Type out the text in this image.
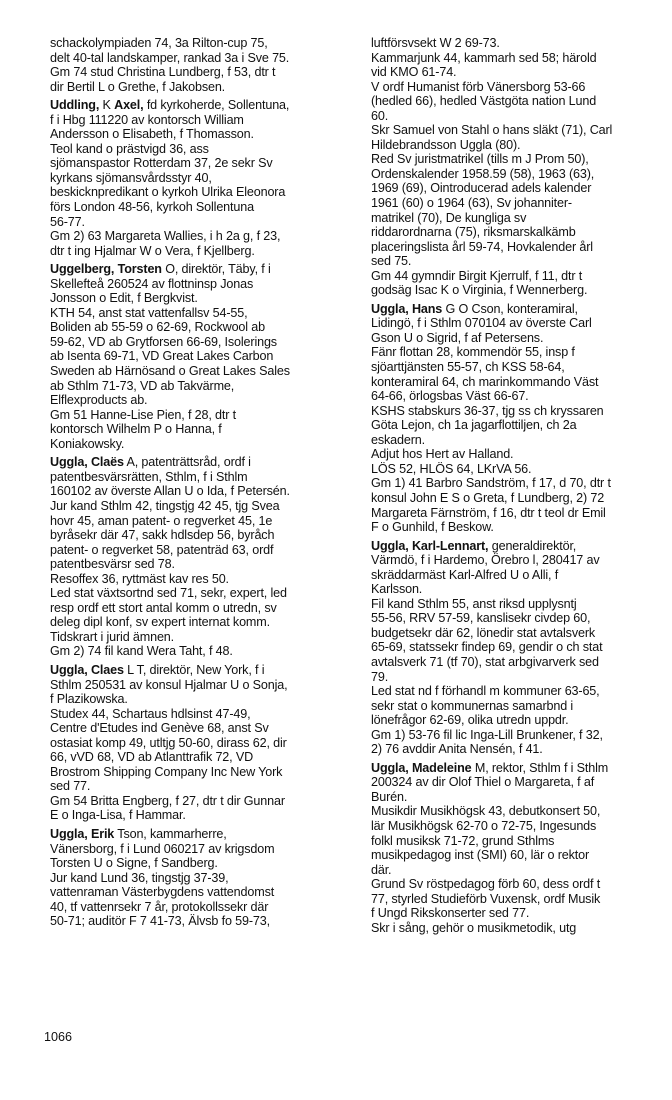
schackolympiaden 74, 3a Rilton-cup 75,
delt 40-tal landskamper, rankad 3a i Sve 75.
Gm 74 stud Christina Lundberg, f 53, dtr t
dir Bertil L o Grethe, f Jakobsen.

Uddling, K Axel, fd kyrkoherde, Sollentuna,
f i Hbg 111220 av kontorsch William
Andersson o Elisabeth, f Thomasson.

Teol kand o prästvigd 36, ass
sjömanspastor Rotterdam 37, 2e sekr Sv
kyrkans sjömansvårdsstyr 40,
beskicknpredikant o kyrkoh Ulrika Eleonora
förs London 48-56, kyrkoh Sollentuna
56-77.

Gm 2) 63 Margareta Wallies, i h 2a g, f 23,
dtr t ing Hjalmar W o Vera, f Kjellberg.

Uggelberg, Torsten O, direktör, Täby, f i
Skellefteå 260524 av flottninsp Jonas
Jonsson o Edit, f Bergkvist.

KTH 54, anst stat vattenfallsv 54-55,
Boliden ab 55-59 o 62-69, Rockwool ab
59-62, VD ab Grytforsen 66-69, Isolerings
ab Isenta 69-71, VD Great Lakes Carbon
Sweden ab Härnösand o Great Lakes Sales
ab Sthlm 71-73, VD ab Takvärme,
Elflexproducts ab.

Gm 51 Hanne-Lise Pien, f 28, dtr t
kontorsch Wilhelm P o Hanna, f
Koniakowsky.

Uggla, Claës A, patenträttsråd, ordf i
patentbesvärsrätten, Sthlm, f i Sthlm
160102 av överste Allan U o Ida, f Petersén.

Jur kand Sthlm 42, tingstjg 42 45, tjg Svea
hovr 45, aman patent- o regverket 45, 1e
byråsekr där 47, sakk hdlsdep 56, byråch
patent- o regverket 58, patenträd 63, ordf
patentbesvärsr sed 78.

Resoffex 36, ryttmäst kav res 50.

Led stat växtsortnd sed 71, sekr, expert, led
resp ordf ett stort antal komm o utredn, sv
deleg dipl konf, sv expert internat komm.

Tidskrart i jurid ämnen.

Gm 2) 74 fil kand Wera Taht, f 48.

Uggla, Claes L T, direktör, New York, f i
Sthlm 250531 av konsul Hjalmar U o Sonja,
f Plazikowska.

Studex 44, Schartaus hdlsinst 47-49,
Centre d'Etudes ind Genève 68, anst Sv
ostasiat komp 49, utltjg 50-60, dirass 62, dir
66, vVD 68, VD ab Atlanttrafik 72, VD
Brostrom Shipping Company Inc New York
sed 77.

Gm 54 Britta Engberg, f 27, dtr t dir Gunnar
E o Inga-Lisa, f Hammar.

Uggla, Erik Tson, kammarherre,
Vänersborg, f i Lund 060217 av krigsdom
Torsten U o Signe, f Sandberg.

Jur kand Lund 36, tingstjg 37-39,
vattenraman Västerbygdens vattendomst
40, tf vattenrsekr 7 år, protokollssekr där
50-71; auditör F 7 41-73, Älvsb fo 59-73,

luftförsvsekt W 2 69-73.

Kammarjunk 44, kammarh sed 58; härold
vid KMO 61-74.

V ordf Humanist förb Vänersborg 53-66
(hedled 66), hedled Västgöta nation Lund
60.

Skr Samuel von Stahl o hans släkt (71), Carl
Hildebrandsson Uggla (80).

Red Sv juristmatrikel (tills m J Prom 50),
Ordenskalender 1958.59 (58), 1963 (63),
1969 (69), Ointroducerad adels kalender
1961 (60) o 1964 (63), Sv johanniter-
matrikel (70), De kungliga sv
riddarordnarna (75), riksmarskalkämb
placeringslista årl 59-74, Hovkalender årl
sed 75.

Gm 44 gymndir Birgit Kjerrulf, f 11, dtr t
godsäg Isac K o Virginia, f Wennerberg.

Uggla, Hans G O Cson, konteramiral,
Lidingö, f i Sthlm 070104 av överste Carl
Gson U o Sigrid, f af Petersens.

Fänr flottan 28, kommendör 55, insp f
sjöarttjänsten 55-57, ch KSS 58-64,
konteramiral 64, ch marinkommando Väst
64-66, örlogsbas Väst 66-67.

KSHS stabskurs 36-37, tjg ss ch kryssaren
Göta Lejon, ch 1a jagarflottiljen, ch 2a
eskadern.

Adjut hos Hert av Halland.

LÖS 52, HLÖS 64, LKrVA 56.

Gm 1) 41 Barbro Sandström, f 17, d 70, dtr t
konsul John E S o Greta, f Lundberg, 2) 72
Margareta Färnström, f 16, dtr t teol dr Emil
F o Gunhild, f Beskow.

Uggla, Karl-Lennart, generaldirektör,
Värmdö, f i Hardemo, Örebro l, 280417 av
skräddarmäst Karl-Alfred U o Alli, f
Karlsson.

Fil kand Sthlm 55, anst riksd upplysntj
55-56, RRV 57-59, kanslisekr civdep 60,
budgetsekr där 62, lönedir stat avtalsverk
65-69, statssekr findep 69, gendir o ch stat
avtalsverk 71 (tf 70), stat arbgivarverk sed
79.

Led stat nd f förhandl m kommuner 63-65,
sekr stat o kommunernas samarbnd i
lönefrågor 62-69, olika utredn uppdr.

Gm 1) 53-76 fil lic Inga-Lill Brunkener, f 32,
2) 76 avddir Anita Nensén, f 41.

Uggla, Madeleine M, rektor, Sthlm f i Sthlm
200324 av dir Olof Thiel o Margareta, f af
Burén.

Musikdir Musikhögsk 43, debutkonsert 50,
lär Musikhögsk 62-70 o 72-75, Ingesunds
folkl musiksk 71-72, grund Sthlms
musikpedagog inst (SMI) 60, lär o rektor
där.

Grund Sv röstpedagog förb 60, dess ordf t
77, styrled Studieförb Vuxensk, ordf Musik
f Ungd Rikskonserter sed 77.

Skr i sång, gehör o musikmetodik, utg

1066
